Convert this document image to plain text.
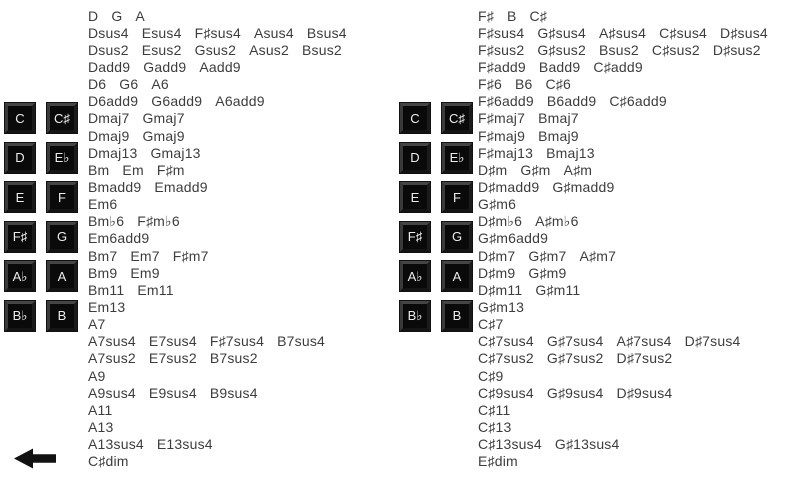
C	C♯
D	E♭
E	F
F♯	G
A♭	A
B♭	B
D G A
Dsus4 Esus4 F♯sus4 Asus4 Bsus4
Dsus2 Esus2 Gsus2 Asus2 Bsus2
Dadd9 Gadd9 Aadd9
D6 G6 A6
D6add9 G6add9 A6add9
Dmaj7 Gmaj7
Dmaj9 Gmaj9
Dmaj13 Gmaj13
Bm Em F♯m
Bmadd9 Emadd9
Em6
Bm♭6 F♯m♭6
Em6add9
Bm7 Em7 F♯m7
Bm9 Em9
Bm11 Em11
Em13
A7
A7sus4 E7sus4 F♯7sus4 B7sus4
A7sus2 E7sus2 B7sus2
A9
A9sus4 E9sus4 B9sus4
A11
A13
A13sus4 E13sus4
C♯dim
C	C♯
D	E♭
E	F
F♯	G
A♭	A
B♭	B
F♯ B C♯
F♯sus4 G♯sus4 A♯sus4 C♯sus4 D♯sus4
F♯sus2 G♯sus2 Bsus2 C♯sus2 D♯sus2
F♯add9 Badd9 C♯add9
F♯6 B6 C♯6
F♯6add9 B6add9 C♯6add9
F♯maj7 Bmaj7
F♯maj9 Bmaj9
F♯maj13 Bmaj13
D♯m G♯m A♯m
D♯madd9 G♯madd9
G♯m6
D♯m♭6 A♯m♭6
G♯m6add9
D♯m7 G♯m7 A♯m7
D♯m9 G♯m9
D♯m11 G♯m11
G♯m13
C♯7
C♯7sus4 G♯7sus4 A♯7sus4 D♯7sus4
C♯7sus2 G♯7sus2 D♯7sus2
C♯9
C♯9sus4 G♯9sus4 D♯9sus4
C♯11
C♯13
C♯13sus4 G♯13sus4
E♯dim
